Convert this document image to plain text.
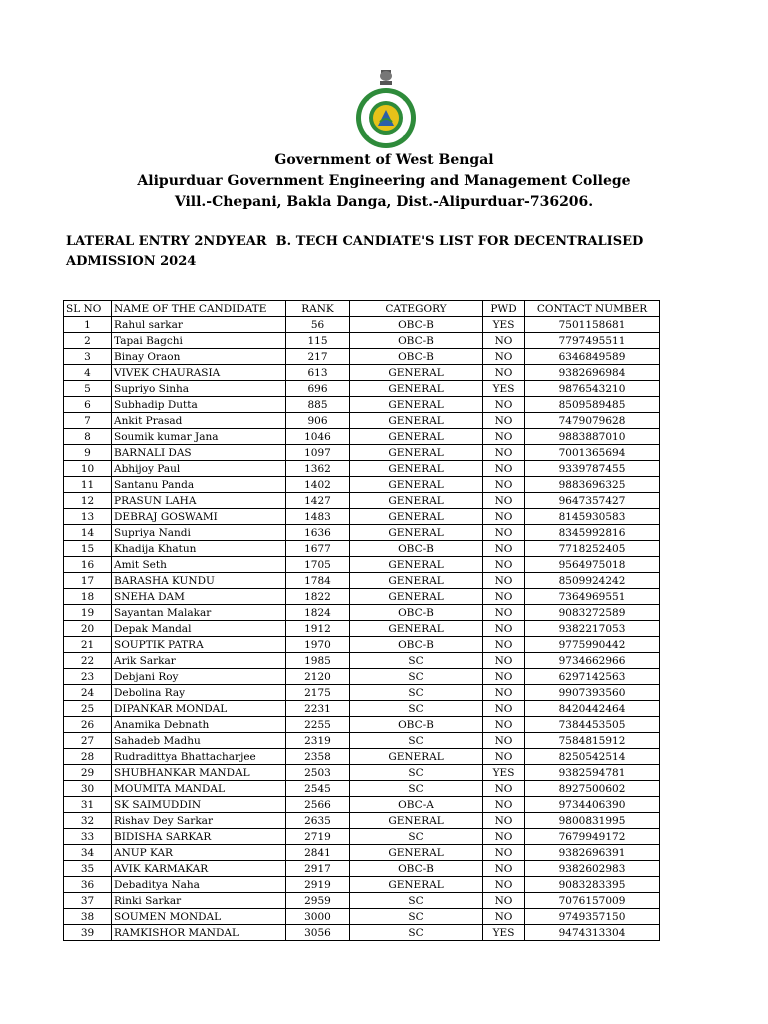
Government of West Bengal
Alipurduar Government Engineering and Management College
Vill.-Chepani, Bakla Danga, Dist.-Alipurduar-736206.
LATERAL ENTRY 2NDYEAR  B. TECH CANDIATE'S LIST FOR DECENTRALISED
ADMISSION 2024
SL NO	NAME OF THE CANDIDATE	RANK	CATEGORY	PWD	CONTACT NUMBER
1	Rahul sarkar	56	OBC-B	YES	7501158681
2	Tapai Bagchi	115	OBC-B	NO	7797495511
3	Binay Oraon	217	OBC-B	NO	6346849589
4	VIVEK CHAURASIA	613	GENERAL	NO	9382696984
5	Supriyo Sinha	696	GENERAL	YES	9876543210
6	Subhadip Dutta	885	GENERAL	NO	8509589485
7	Ankit Prasad	906	GENERAL	NO	7479079628
8	Soumik kumar Jana	1046	GENERAL	NO	9883887010
9	BARNALI DAS	1097	GENERAL	NO	7001365694
10	Abhijoy Paul	1362	GENERAL	NO	9339787455
11	Santanu Panda	1402	GENERAL	NO	9883696325
12	PRASUN LAHA	1427	GENERAL	NO	9647357427
13	DEBRAJ GOSWAMI	1483	GENERAL	NO	8145930583
14	Supriya Nandi	1636	GENERAL	NO	8345992816
15	Khadija Khatun	1677	OBC-B	NO	7718252405
16	Amit Seth	1705	GENERAL	NO	9564975018
17	BARASHA KUNDU	1784	GENERAL	NO	8509924242
18	SNEHA DAM	1822	GENERAL	NO	7364969551
19	Sayantan Malakar	1824	OBC-B	NO	9083272589
20	Depak Mandal	1912	GENERAL	NO	9382217053
21	SOUPTIK PATRA	1970	OBC-B	NO	9775990442
22	Arik Sarkar	1985	SC	NO	9734662966
23	Debjani Roy	2120	SC	NO	6297142563
24	Debolina Ray	2175	SC	NO	9907393560
25	DIPANKAR MONDAL	2231	SC	NO	8420442464
26	Anamika Debnath	2255	OBC-B	NO	7384453505
27	Sahadeb Madhu	2319	SC	NO	7584815912
28	Rudradittya Bhattacharjee	2358	GENERAL	NO	8250542514
29	SHUBHANKAR MANDAL	2503	SC	YES	9382594781
30	MOUMITA MANDAL	2545	SC	NO	8927500602
31	SK SAIMUDDIN	2566	OBC-A	NO	9734406390
32	Rishav Dey Sarkar	2635	GENERAL	NO	9800831995
33	BIDISHA SARKAR	2719	SC	NO	7679949172
34	ANUP KAR	2841	GENERAL	NO	9382696391
35	AVIK KARMAKAR	2917	OBC-B	NO	9382602983
36	Debaditya Naha	2919	GENERAL	NO	9083283395
37	Rinki Sarkar	2959	SC	NO	7076157009
38	SOUMEN MONDAL	3000	SC	NO	9749357150
39	RAMKISHOR MANDAL	3056	SC	YES	9474313304
